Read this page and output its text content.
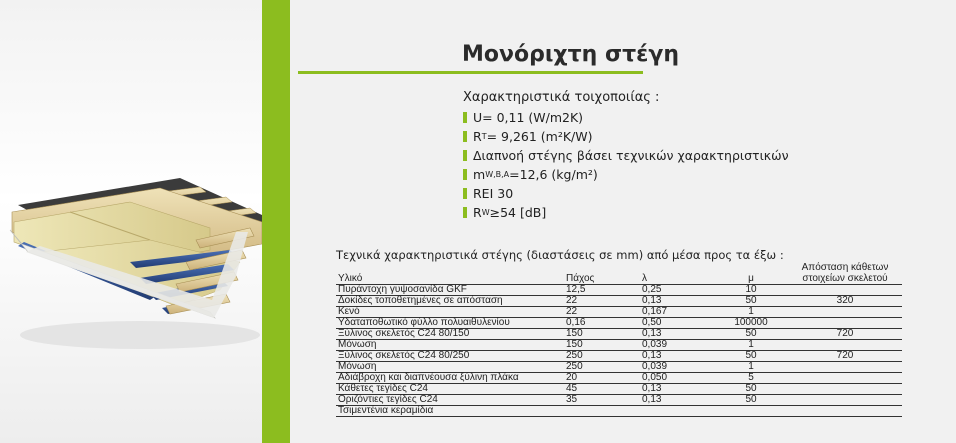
Μονόριχτη στέγη
Χαρακτηριστικά τοιχοποιίας :
U= 0,11 (W/m2K)
R T = 9,261 (m²K/W)
Διαπνοή στέγης βάσει τεχνικών χαρακτηριστικών
m W,B,A =12,6 (kg/m²)
REI 30
R W ≥54 [dB]
Τεχνικά χαρακτηριστικά στέγης (διαστάσεις σε mm) από μέσα προς τα έξω :
Υλικό	Πάχος	λ	μ	Απόσταση κάθετων στοιχείων σκελετού
Πυράντοχη γυψοσανίδα GKF	12,5	0,25	10	
Δοκίδες τοποθετημένες σε απόσταση	22	0,13	50	320
Κενό	22	0,167	1	
Υδαταποθωτικό φύλλο πολυαιθυλενίου	0,16	0,50	100000	
Ξύλινος σκελετός C24 80/150	150	0,13	50	720
Μόνωση	150	0,039	1	
Ξύλινος σκελετός C24 80/250	250	0,13	50	720
Μόνωση	250	0,039	1	
Αδιάβροχη και διαπνέουσα ξύλινη πλάκα	20	0,050	5	
Κάθετες τεγίδες C24	45	0,13	50	
Οριζόντιες τεγίδες C24	35	0,13	50	
Τσιμεντένια κεραμίδια				
